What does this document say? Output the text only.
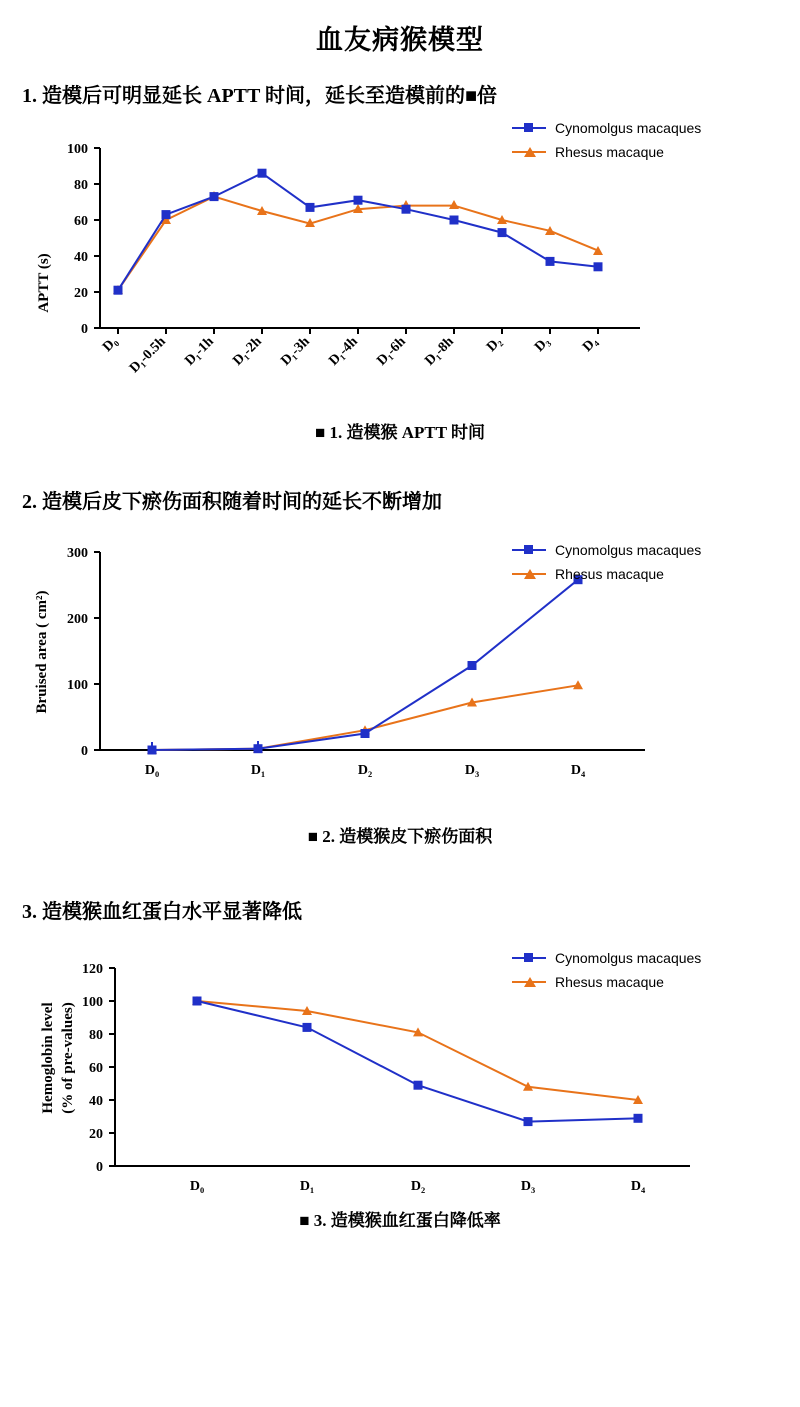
血友病猴模型
1. 造模后可明显延长 APTT 时间，延长至造模前的■倍
0
20
40
60
80
100
APTT (s)
D₀ D₁-0.5h D₁-1h D₁-2h D₁-3h D₁-4h D₁-6h D₁-8h D₂ D₃ D₄
Cynomolgus macaques
Rhesus macaque
■ 1. 造模猴 APTT 时间
2. 造模后皮下瘀伤面积随着时间的延长不断增加
0
100
200
300
Bruised area ( cm²)
D₀	D₁	D₂	D₃	D₄
Cynomolgus macaques
Rhesus macaque
■ 2. 造模猴皮下瘀伤面积
3. 造模猴血红蛋白水平显著降低
0
20
40
60
80
100
120
Hemoglobin level (% of pre-values)
D₀	D₁	D₂	D₃	D₄
Cynomolgus macaques
Rhesus macaque
■ 3. 造模猴血红蛋白降低率
